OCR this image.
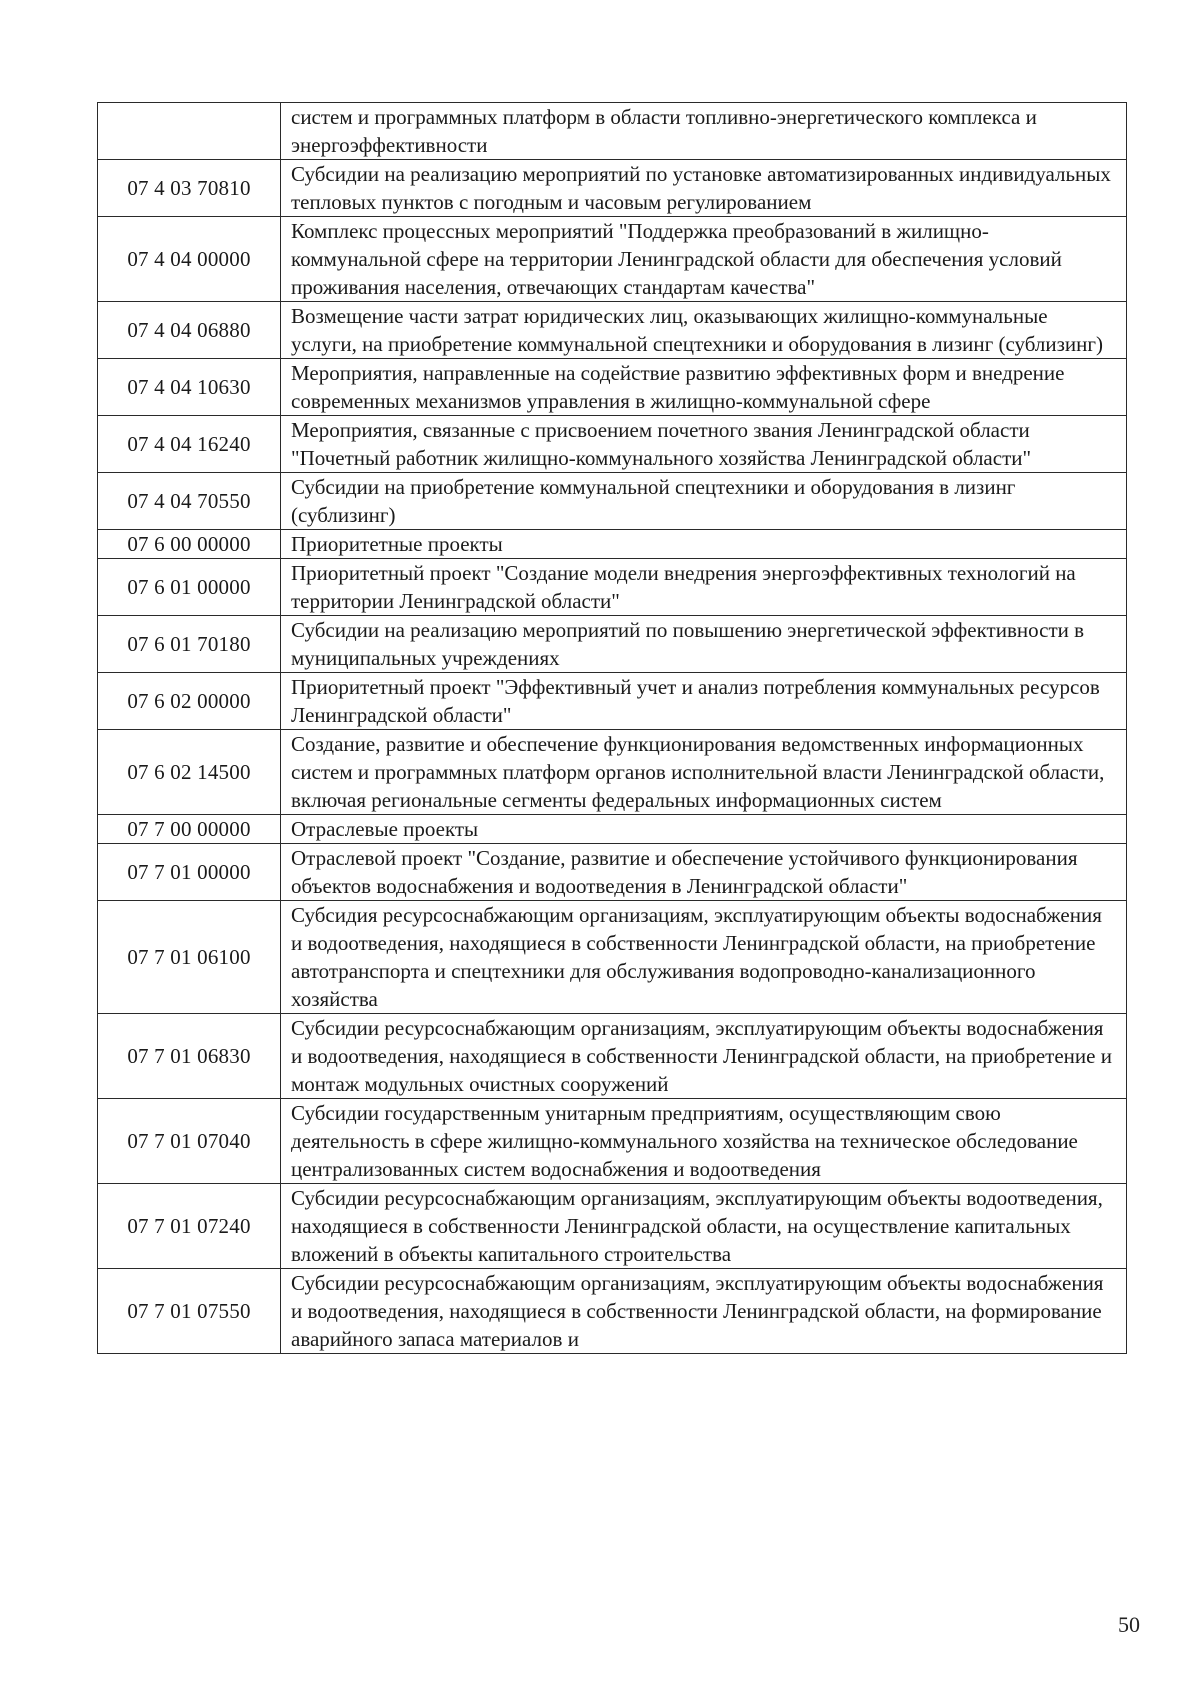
	систем и программных платформ в области топливно-энергетического комплекса и энергоэффективности
07 4 03 70810	Субсидии на реализацию мероприятий по установке автоматизированных индивидуальных тепловых пунктов с погодным и часовым регулированием
07 4 04 00000	Комплекс процессных мероприятий "Поддержка преобразований в жилищно-коммунальной сфере на территории Ленинградской области для обеспечения условий проживания населения, отвечающих стандартам качества"
07 4 04 06880	Возмещение части затрат юридических лиц, оказывающих жилищно-коммунальные услуги, на приобретение коммунальной спецтехники и оборудования в лизинг (сублизинг)
07 4 04 10630	Мероприятия, направленные на содействие развитию эффективных форм и внедрение современных механизмов управления в жилищно-коммунальной сфере
07 4 04 16240	Мероприятия, связанные с присвоением почетного звания Ленинградской области "Почетный работник жилищно-коммунального хозяйства Ленинградской области"
07 4 04 70550	Субсидии на приобретение коммунальной спецтехники и оборудования в лизинг (сублизинг)
07 6 00 00000	Приоритетные проекты
07 6 01 00000	Приоритетный проект "Создание модели внедрения энергоэффективных технологий на территории Ленинградской области"
07 6 01 70180	Субсидии на реализацию мероприятий по повышению энергетической эффективности в муниципальных учреждениях
07 6 02 00000	Приоритетный проект "Эффективный учет и анализ потребления коммунальных ресурсов Ленинградской области"
07 6 02 14500	Создание, развитие и обеспечение функционирования ведомственных информационных систем и программных платформ органов исполнительной власти Ленинградской области, включая региональные сегменты федеральных информационных систем
07 7 00 00000	Отраслевые проекты
07 7 01 00000	Отраслевой проект "Создание, развитие и обеспечение устойчивого функционирования объектов водоснабжения и водоотведения в Ленинградской области"
07 7 01 06100	Субсидия ресурсоснабжающим организациям, эксплуатирующим объекты водоснабжения и водоотведения, находящиеся в собственности Ленинградской области, на приобретение автотранспорта и спецтехники для обслуживания водопроводно-канализационного хозяйства
07 7 01 06830	Субсидии ресурсоснабжающим организациям, эксплуатирующим объекты водоснабжения и водоотведения, находящиеся в собственности Ленинградской области, на приобретение и монтаж модульных очистных сооружений
07 7 01 07040	Субсидии государственным унитарным предприятиям, осуществляющим свою деятельность в сфере жилищно-коммунального хозяйства на техническое обследование централизованных систем водоснабжения и водоотведения
07 7 01 07240	Субсидии ресурсоснабжающим организациям, эксплуатирующим объекты водоотведения, находящиеся в собственности Ленинградской области, на осуществление капитальных вложений в объекты капитального строительства
07 7 01 07550	Субсидии ресурсоснабжающим организациям, эксплуатирующим объекты водоснабжения и водоотведения, находящиеся в собственности Ленинградской области, на формирование аварийного запаса материалов и
50
